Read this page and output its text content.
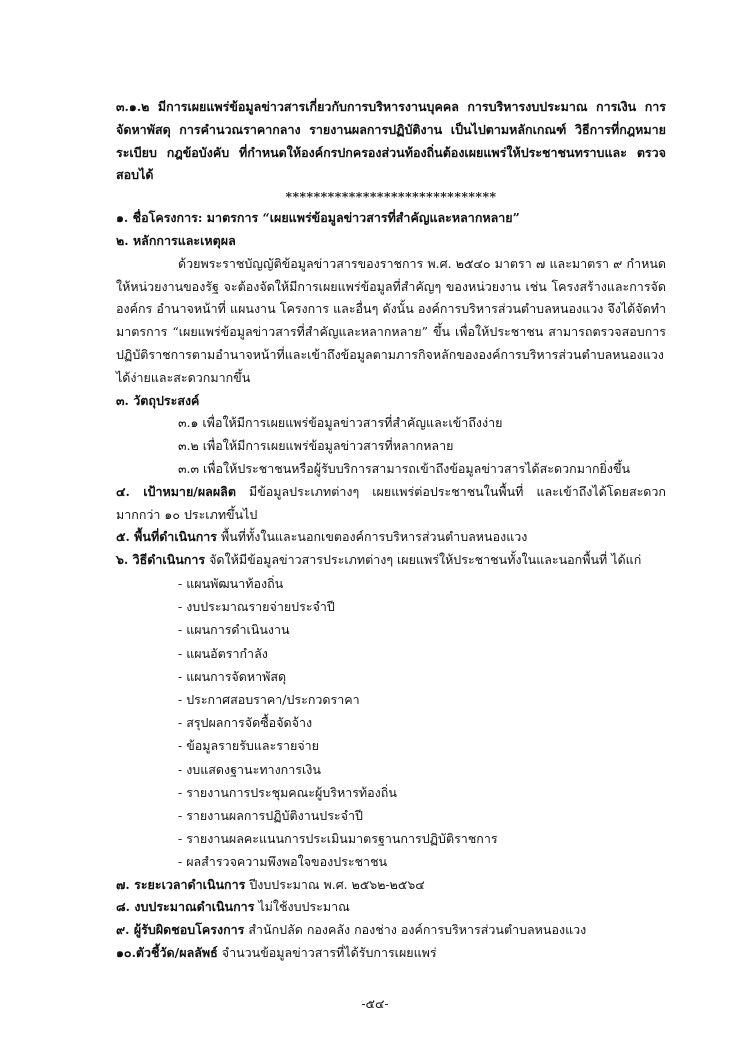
๓.๑.๒ มีการเผยแพร่ข้อมูลข่าวสารเกี่ยวกับการบริหารงานบุคคล การบริหารงบประมาณ การเงิน การจัดหาพัสดุ การคำนวณราคากลาง รายงานผลการปฏิบัติงาน เป็นไปตามหลักเกณฑ์ วิธีการที่กฎหมาย ระเบียบ กฎข้อบังคับ ที่กำหนดให้องค์กรปกครองส่วนท้องถิ่นต้องเผยแพร่ให้ประชาชนทราบและ ตรวจสอบได้

******************************

๑. ชื่อโครงการ: มาตรการ “เผยแพร่ข้อมูลข่าวสารที่สำคัญและหลากหลาย”

๒. หลักการและเหตุผล

ด้วยพระราชบัญญัติข้อมูลข่าวสารของราชการ พ.ศ. ๒๕๔๐ มาตรา ๗ และมาตรา ๙ กำหนดให้หน่วยงานของรัฐ จะต้องจัดให้มีการเผยแพร่ข้อมูลที่สำคัญๆ ของหน่วยงาน เช่น โครงสร้างและการจัดองค์กร อำนาจหน้าที่ แผนงาน โครงการ และอื่นๆ ดังนั้น องค์การบริหารส่วนตำบลหนองแวง จึงได้จัดทำมาตรการ “เผยแพร่ข้อมูลข่าวสารที่สำคัญและหลากหลาย” ขึ้น เพื่อให้ประชาชน สามารถตรวจสอบการปฏิบัติราชการตามอำนาจหน้าที่และเข้าถึงข้อมูลตามภารกิจหลักขององค์การบริหารส่วนตำบลหนองแวง ได้ง่ายและสะดวกมากขึ้น

๓. วัตถุประสงค์

๓.๑ เพื่อให้มีการเผยแพร่ข้อมูลข่าวสารที่สำคัญและเข้าถึงง่าย

๓.๒ เพื่อให้มีการเผยแพร่ข้อมูลข่าวสารที่หลากหลาย

๓.๓ เพื่อให้ประชาชนหรือผู้รับบริการสามารถเข้าถึงข้อมูลข่าวสารได้สะดวกมากยิ่งขึ้น

๔. เป้าหมาย/ผลผลิต มีข้อมูลประเภทต่างๆ เผยแพร่ต่อประชาชนในพื้นที่ และเข้าถึงได้โดยสะดวก มากกว่า ๑๐ ประเภทขึ้นไป

๕. พื้นที่ดำเนินการ พื้นที่ทั้งในและนอกเขตองค์การบริหารส่วนตำบลหนองแวง

๖. วิธีดำเนินการ จัดให้มีข้อมูลข่าวสารประเภทต่างๆ เผยแพร่ให้ประชาชนทั้งในและนอกพื้นที่ ได้แก่

- แผนพัฒนาท้องถิ่น
- งบประมาณรายจ่ายประจำปี
- แผนการดำเนินงาน
- แผนอัตรากำลัง
- แผนการจัดหาพัสดุ
- ประกาศสอบราคา/ประกวดราคา
- สรุปผลการจัดซื้อจัดจ้าง
- ข้อมูลรายรับและรายจ่าย
- งบแสดงฐานะทางการเงิน
- รายงานการประชุมคณะผู้บริหารท้องถิ่น
- รายงานผลการปฏิบัติงานประจำปี
- รายงานผลคะแนนการประเมินมาตรฐานการปฏิบัติราชการ
- ผลสำรวจความพึงพอใจของประชาชน

๗. ระยะเวลาดำเนินการ ปีงบประมาณ พ.ศ. ๒๕๖๒-๒๕๖๔

๘. งบประมาณดำเนินการ ไม่ใช้งบประมาณ

๙. ผู้รับผิดชอบโครงการ สำนักปลัด กองคลัง กองช่าง องค์การบริหารส่วนตำบลหนองแวง

๑๐.ตัวชี้วัด/ผลลัพธ์ จำนวนข้อมูลข่าวสารที่ได้รับการเผยแพร่

-๕๔-
